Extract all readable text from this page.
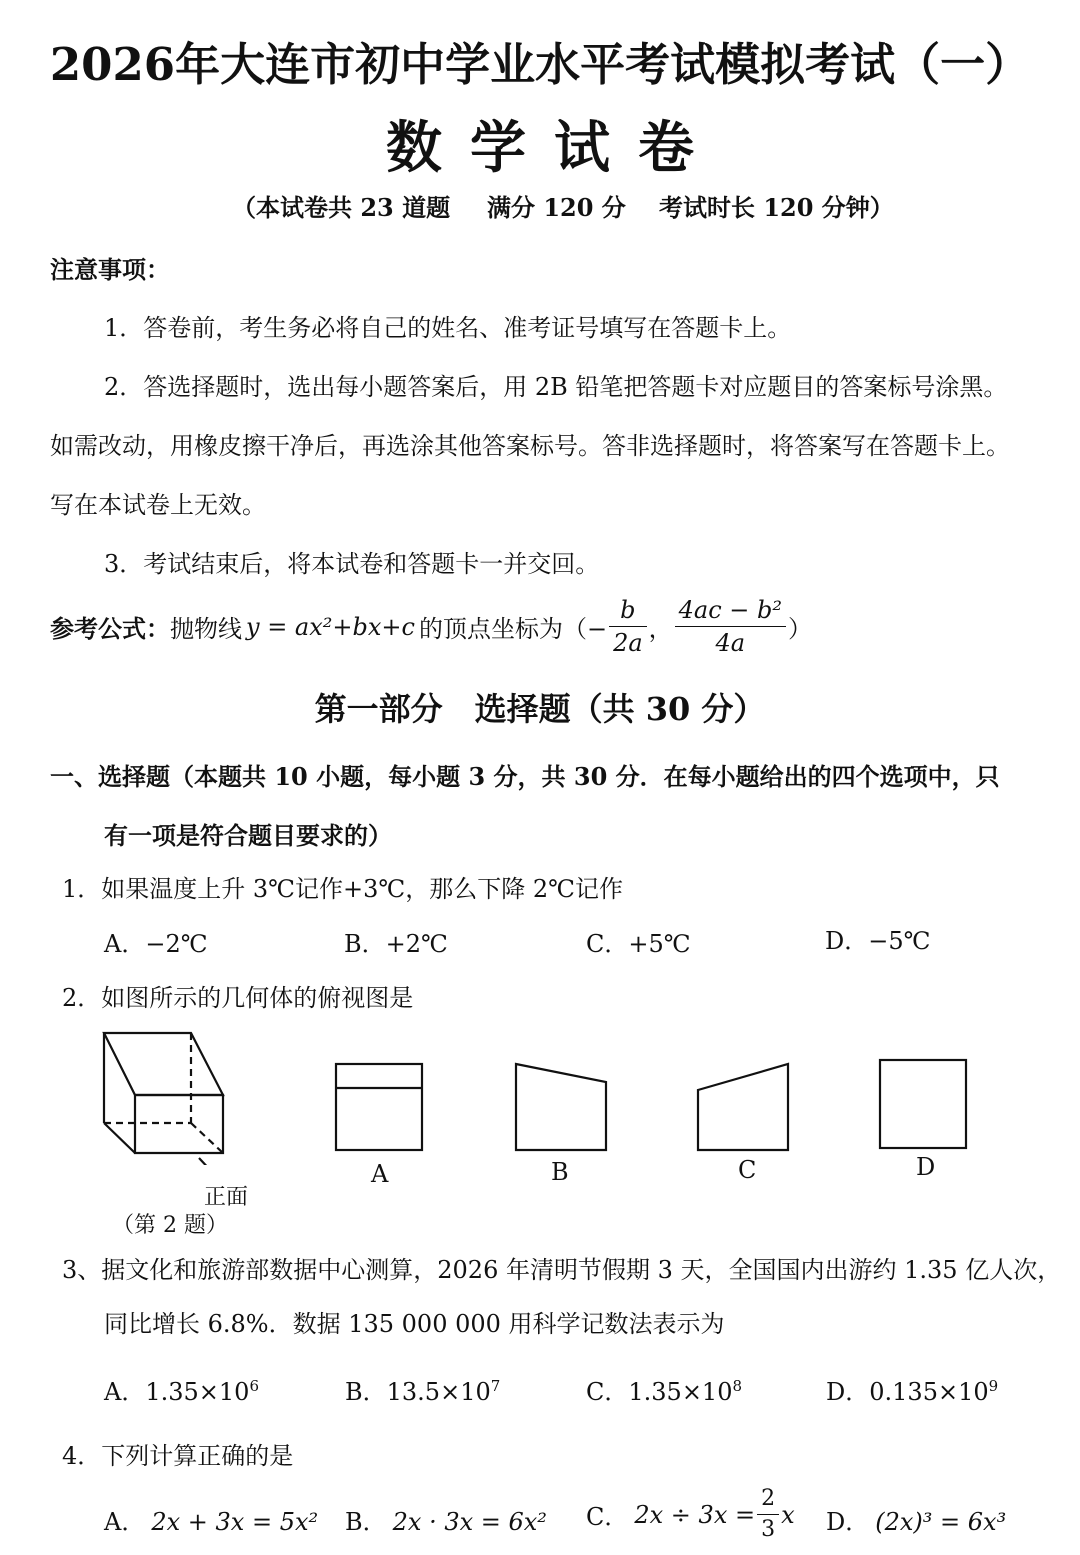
2026年大连市初中学业水平考试模拟考试（一）
数学试卷
（本试卷共 23 道题 满分 120 分 考试时长 120 分钟）
注意事项：
1．答卷前，考生务必将自己的姓名、准考证号填写在答题卡上。
2．答选择题时，选出每小题答案后，用 2B 铅笔把答题卡对应题目的答案标号涂黑。
如需改动，用橡皮擦干净后，再选涂其他答案标号。答非选择题时，将答案写在答题卡上。
写在本试卷上无效。
3．考试结束后，将本试卷和答题卡一并交回。
参考公式： 抛物线 y = ax²+bx+c 的顶点坐标为 （− $\frac{b}{2a}$ ， $\frac{\text{4ac − b²}}{4a}$ ）
第一部分　选择题（共 30 分）
一、选择题（本题共 10 小题，每小题 3 分，共 30 分．在每小题给出的四个选项中，只
有一项是符合题目要求的）
1．如果温度上升 3℃记作+3℃，那么下降 2℃记作
A．−2℃	B．+2℃	C．+5℃	D．−5℃
2．如图所示的几何体的俯视图是
正面
（第 2 题）
A	B	C	D
3、据文化和旅游部数据中心测算，2026 年清明节假期 3 天，全国国内出游约 1.35 亿人次，
同比增长 6.8%．数据 135 000 000 用科学记数法表示为
A．$1.35\times 10^6$	B．$13.5\times 10^7$	C．$1.35\times 10^8$	D．$0.135\times 10^9$
4．下列计算正确的是
A． 2x + 3x = 5x² B． 2x · 3x = 6x² C． $2x \div 3x = \frac{2}{3}$ x D． (2x)³ = 6x³
